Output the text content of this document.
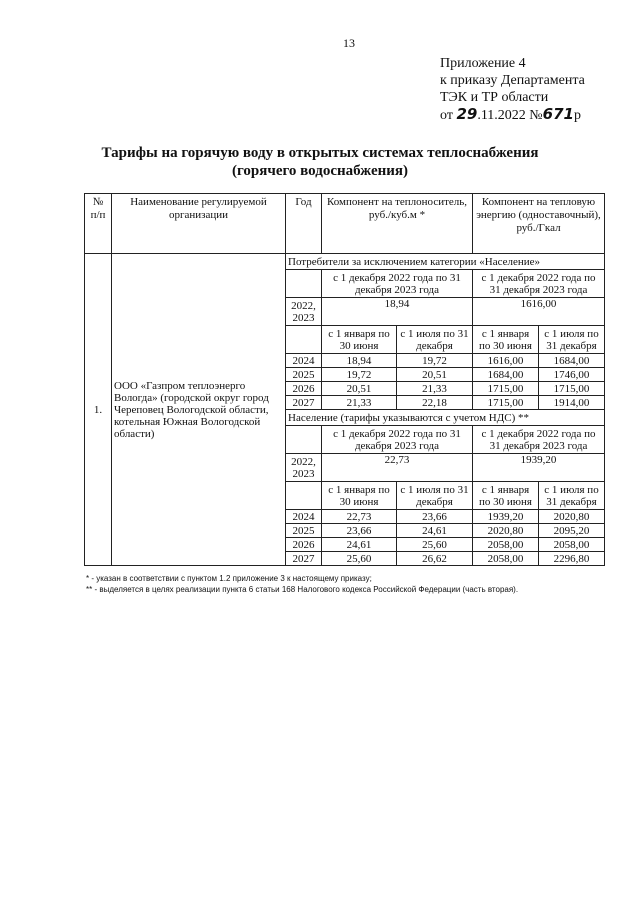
13
Приложение 4
к приказу Департамента
ТЭК и ТР области
от 29.11.2022 №671р
Тарифы на горячую воду в открытых системах теплоснабжения
(горячего водоснабжения)
№ п/п	Наименование регулируемой организации	Год	Компонент на теплоноситель, руб./куб.м *		Компонент на тепловую энергию (одноставочный), руб./Гкал	
1.	ООО «Газпром теплоэнерго Вологда» (городской округ город Череповец Вологодской области, котельная Южная Вологодской области)	Потребители за исключением категории «Население»				
			с 1 декабря 2022 года по 31 декабря 2023 года		с 1 декабря 2022 года по 31 декабря 2023 года	
		2022, 2023	18,94		1616,00	
			с 1 января по 30 июня	с 1 июля по 31 декабря	с 1 января по 30 июня	с 1 июля по 31 декабря
		2024	18,94	19,72	1616,00	1684,00
		2025	19,72	20,51	1684,00	1746,00
		2026	20,51	21,33	1715,00	1715,00
		2027	21,33	22,18	1715,00	1914,00
		Население (тарифы указываются с учетом НДС) **				
			с 1 декабря 2022 года по 31 декабря 2023 года		с 1 декабря 2022 года по 31 декабря 2023 года	
		2022, 2023	22,73		1939,20	
			с 1 января по 30 июня	с 1 июля по 31 декабря	с 1 января по 30 июня	с 1 июля по 31 декабря
		2024	22,73	23,66	1939,20	2020,80
		2025	23,66	24,61	2020,80	2095,20
		2026	24,61	25,60	2058,00	2058,00
		2027	25,60	26,62	2058,00	2296,80
* - указан в соответствии с пунктом 1.2 приложение 3 к настоящему приказу;
** - выделяется в целях реализации пункта 6 статьи 168 Налогового кодекса Российской Федерации (часть вторая).
